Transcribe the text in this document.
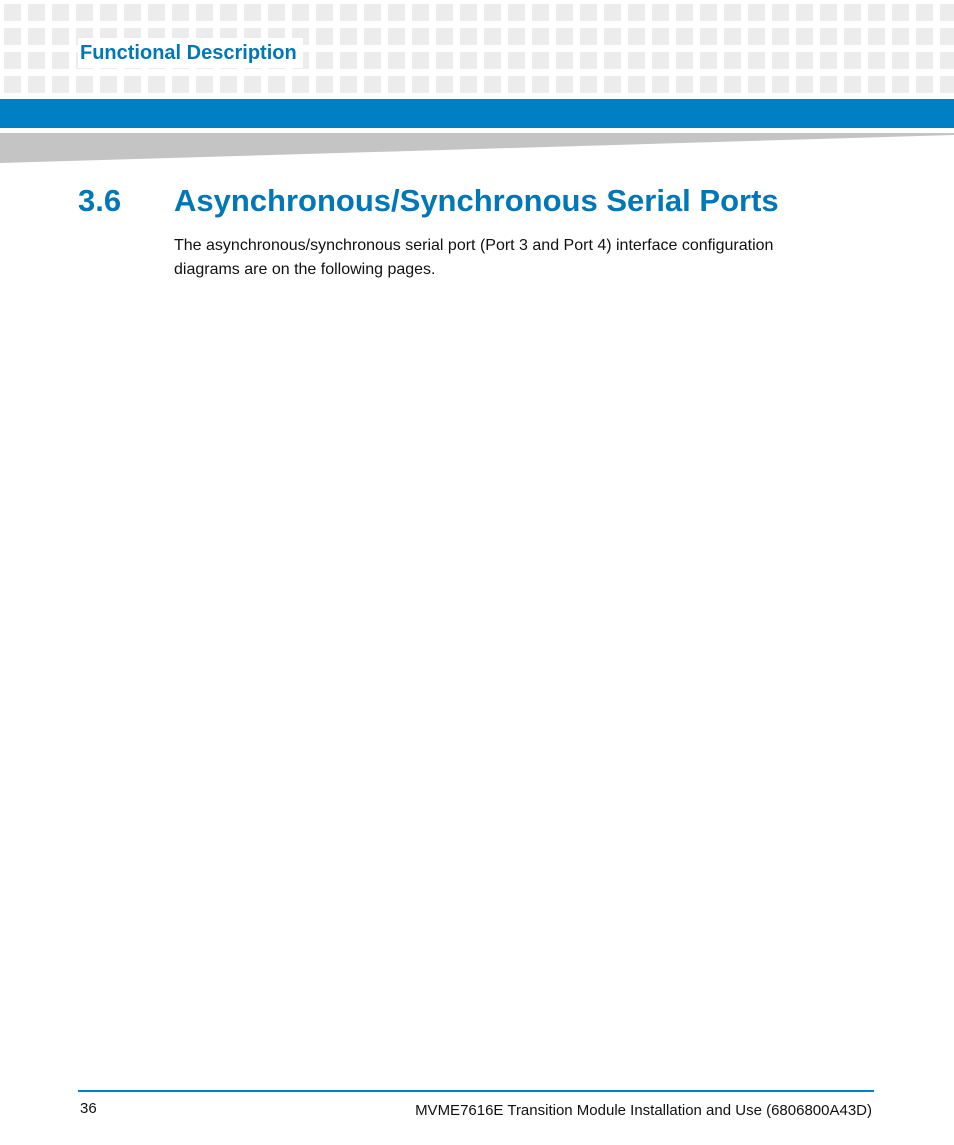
Functional Description
3.6 Asynchronous/Synchronous Serial Ports

The asynchronous/synchronous serial port (Port 3 and Port 4) interface configuration diagrams are on the following pages.

36	MVME7616E Transition Module Installation and Use (6806800A43D)
